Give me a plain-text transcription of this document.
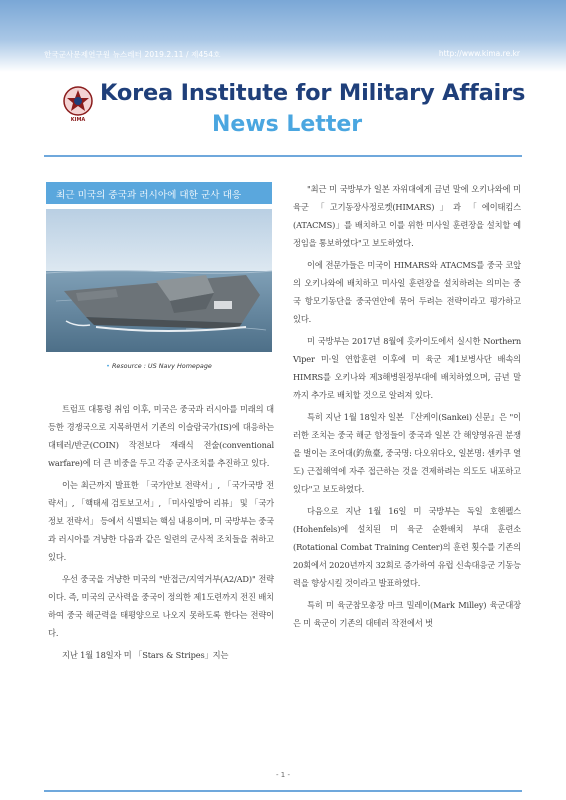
한국군사문제연구원 뉴스레터 2019.2.11 / 제454호	http://www.kima.re.kr
KIMA
Korea Institute for Military Affairs
News Letter
최근 미국의 중국과 러시아에 대한 군사 대응
• Resource : US Navy Homepage

트럼프 대통령 취임 이후, 미국은 중국과 러시아를 미래의 대등한 경쟁국으로 지목하면서 기존의 이슬람국가(IS)에 대응하는 대테러/반군(COIN) 작전보다 재래식 전술(conventional warfare)에 더 큰 비중을 두고 각종 군사조치를 추진하고 있다.

이는 최근까지 발표한 「국가안보 전략서」, 「국가국방 전략서」, 「핵태세 검토보고서」, 「미사일방어 리뷰」 및 「국가정보 전략서」 등에서 식별되는 핵심 내용이며, 미 국방부는 중국과 러시아를 겨냥한 다음과 같은 일련의 군사적 조치들을 취하고 있다.

우선 중국을 겨냥한 미국의 "반접근/지역거부(A2/AD)" 전략이다. 즉, 미국의 군사력을 중국이 정의한 제1도련까지 전진 배치하여 중국 해군력을 태평양으로 나오지 못하도록 한다는 전략이다.

지난 1월 18일자 미 「Stars & Stripes」지는

"최근 미 국방부가 일본 자위대에게 금년 말에 오키나와에 미 육군 「고기동장사정로켓(HIMARS)」과 「에이태킴스(ATACMS)」를 배치하고 이를 위한 미사일 훈련장을 설치할 예정임을 통보하였다"고 보도하였다.

이에 전문가들은 미국이 HIMARS와 ATACMS를 중국 코앞의 오키나와에 배치하고 미사일 훈련장을 설치하려는 의미는 중국 항모기동단을 중국연안에 묶어 두려는 전략이라고 평가하고 있다.

미 국방부는 2017년 8월에 홋카이도에서 실시한 Northern Viper 미·일 연합훈련 이후에 미 육군 제1보병사단 배속의 HIMRS를 오키나와 제3해병원정부대에 배치하였으며, 금년 말까지 추가로 배치할 것으로 알려져 있다.

특히 지난 1월 18일자 일본 『산케이(Sankei) 신문』은 "이러한 조치는 중국 해군 함정들이 중국과 일본 간 해양영유권 분쟁을 벌이는 조어대(釣魚臺, 중국명: 다오위다오, 일본명: 센카쿠 열도) 근접해역에 자주 접근하는 것을 견제하려는 의도도 내포하고 있다"고 보도하였다.

다음으로 지난 1월 16일 미 국방부는 독일 호헨펠스(Hohenfels)에 설치된 미 육군 순환배치 부대 훈련소(Rotational Combat Training Center)의 훈련 횟수를 기존의 20회에서 2020년까지 32회로 증가하여 유럽 신속대응군 기동능력을 향상시킬 것이라고 발표하였다.

특히 미 육군참모총장 마크 밀레이(Mark Milley) 육군대장은 미 육군이 기존의 대테러 작전에서 벗

- 1 -
